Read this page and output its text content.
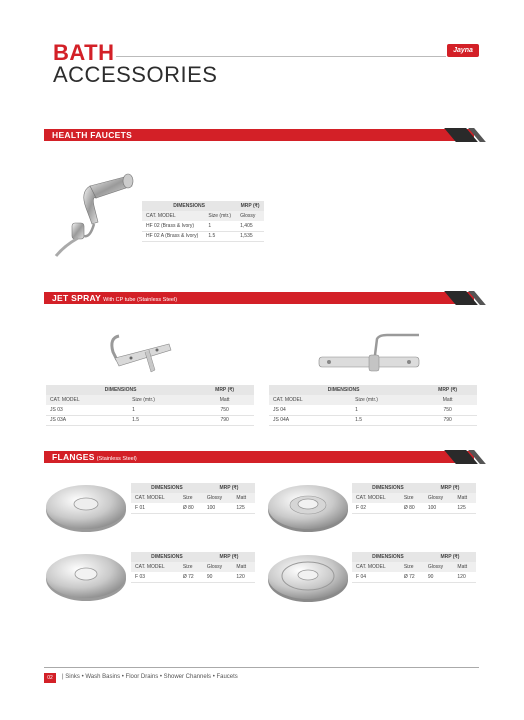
BATH
ACCESSORIES
Jayna
HEALTH FAUCETS
DIMENSIONS		MRP (₹)
CAT. MODEL	Size (mtr.)	Glossy
HF 02 (Brass & Ivory)	1	1,405
HF 02 A (Brass & Ivory)	1.5	1,535
JET SPRAY With CP tube (Stainless Steel)
DIMENSIONS		MRP (₹)
CAT. MODEL	Size (mtr.)	Matt
JS 03	1	750
JS 03A	1.5	790
DIMENSIONS		MRP (₹)
CAT. MODEL	Size (mtr.)	Matt
JS 04	1	750
JS 04A	1.5	790
FLANGES (Stainless Steel)
DIMENSIONS		MRP (₹)	
CAT. MODEL	Size	Glossy	Matt
F 01	Ø 80	100	125
DIMENSIONS		MRP (₹)	
CAT. MODEL	Size	Glossy	Matt
F 02	Ø 80	100	125
DIMENSIONS		MRP (₹)	
CAT. MODEL	Size	Glossy	Matt
F 03	Ø 72	90	120
DIMENSIONS		MRP (₹)	
CAT. MODEL	Size	Glossy	Matt
F 04	Ø 72	90	120
02	| Sinks • Wash Basins • Floor Drains • Shower Channels • Faucets
